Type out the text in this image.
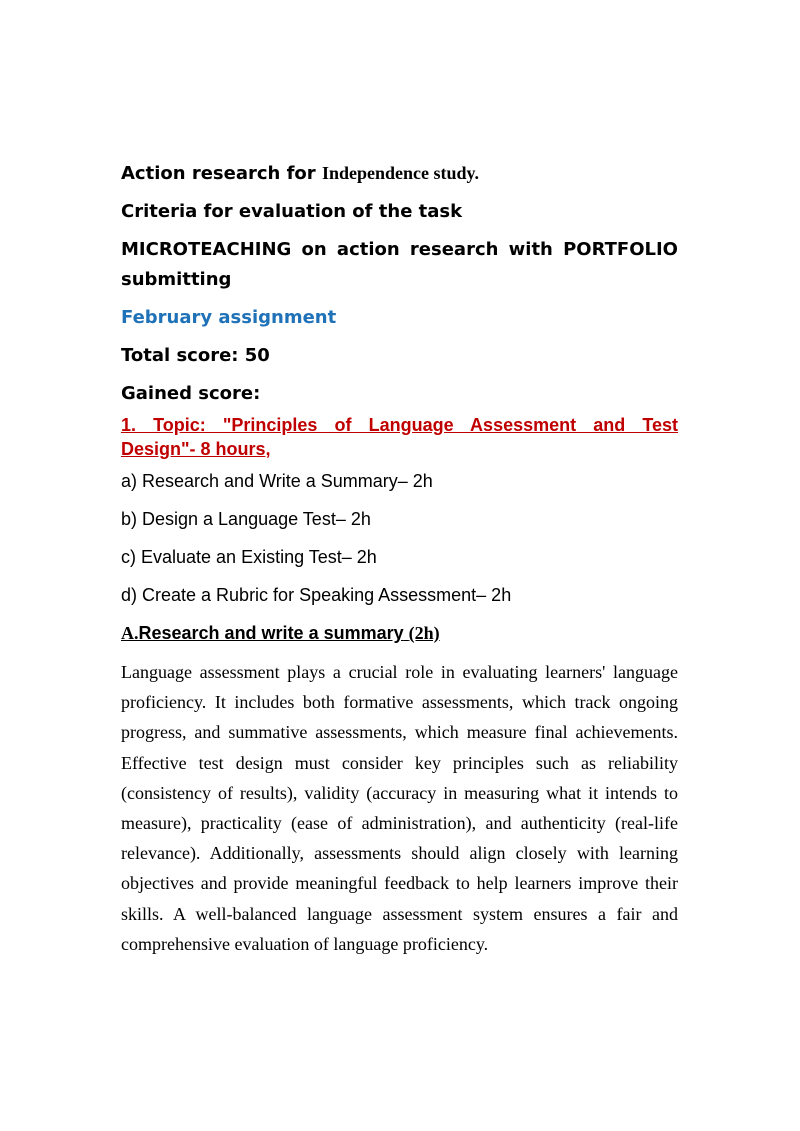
Action research for Independence study.

Criteria for evaluation of the task

MICROTEACHING on action research with PORTFOLIO

submitting

February assignment

Total score: 50

Gained score:

1. Topic: "Principles of Language Assessment and Test
Design"- 8 hours,

a) Research and Write a Summary– 2h

b) Design a Language Test– 2h

c) Evaluate an Existing Test– 2h

d) Create a Rubric for Speaking Assessment– 2h

A.Research and write a summary (2h)

Language assessment plays a crucial role in evaluating learners' language proficiency. It includes both formative assessments, which track ongoing progress, and summative assessments, which measure final achievements. Effective test design must consider key principles such as reliability (consistency of results), validity (accuracy in measuring what it intends to measure), practicality (ease of administration), and authenticity (real-life relevance). Additionally, assessments should align closely with learning objectives and provide meaningful feedback to help learners improve their skills. A well-balanced language assessment system ensures a fair and comprehensive evaluation of language proficiency.
